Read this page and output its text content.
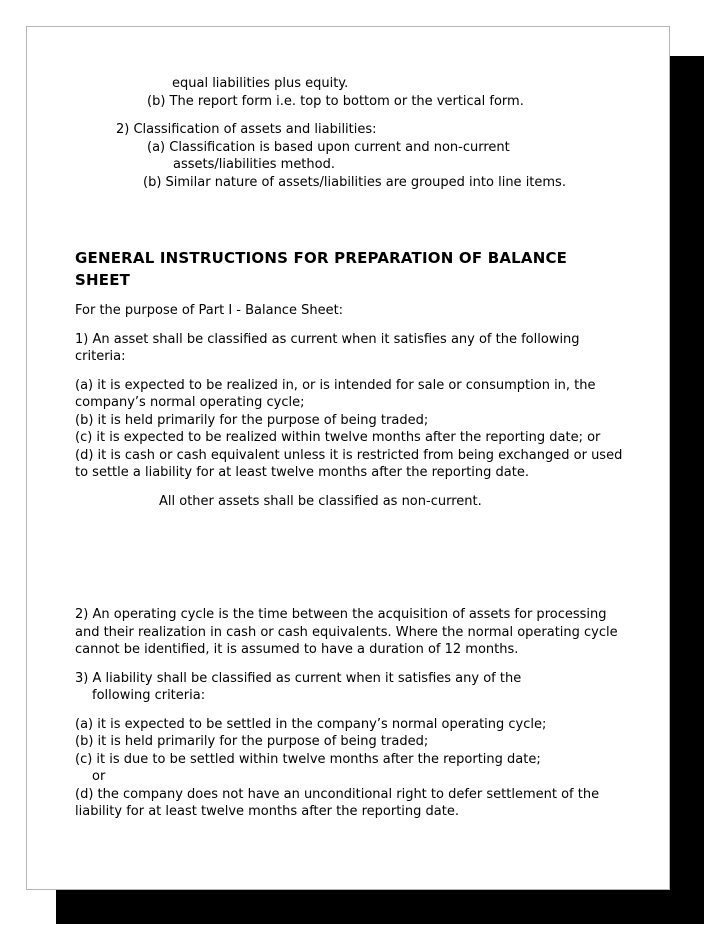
equal liabilities plus equity.
(b) The report form i.e. top to bottom or the vertical form.
2) Classification of assets and liabilities:
(a) Classification is based upon current and non-current
assets/liabilities method.
(b) Similar nature of assets/liabilities are grouped into line items.
GENERAL INSTRUCTIONS FOR PREPARATION OF BALANCE
SHEET
For the purpose of Part I - Balance Sheet:
1) An asset shall be classified as current when it satisfies any of the following
criteria:
(a) it is expected to be realized in, or is intended for sale or consumption in, the
company’s normal operating cycle;
(b) it is held primarily for the purpose of being traded;
(c) it is expected to be realized within twelve months after the reporting date; or
(d) it is cash or cash equivalent unless it is restricted from being exchanged or used
to settle a liability for at least twelve months after the reporting date.
All other assets shall be classified as non-current.
2) An operating cycle is the time between the acquisition of assets for processing
and their realization in cash or cash equivalents. Where the normal operating cycle
cannot be identified, it is assumed to have a duration of 12 months.
3) A liability shall be classified as current when it satisfies any of the
following criteria:
(a) it is expected to be settled in the company’s normal operating cycle;
(b) it is held primarily for the purpose of being traded;
(c) it is due to be settled within twelve months after the reporting date;
or
(d) the company does not have an unconditional right to defer settlement of the
liability for at least twelve months after the reporting date.
